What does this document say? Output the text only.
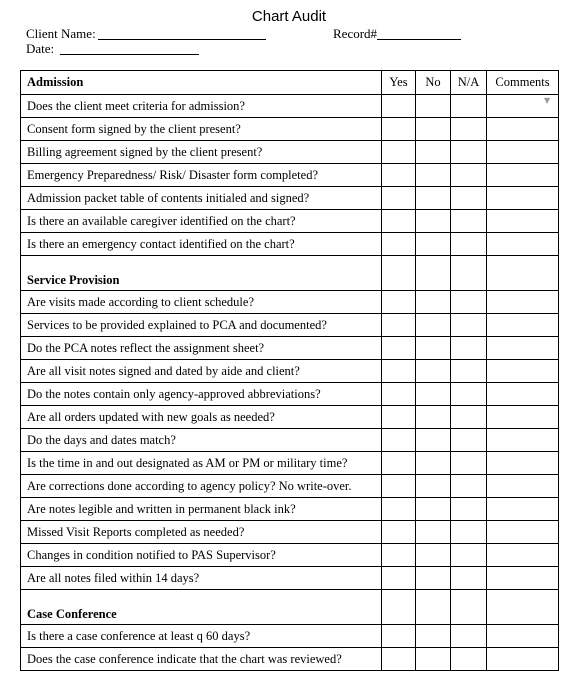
Chart Audit
Client Name:	Record#
Date:
Admission	Yes	No	N/A	Comments
Does the client meet criteria for admission?				
Consent form signed by the client present?				
Billing agreement signed by the client present?				
Emergency Preparedness/ Risk/ Disaster form completed?				
Admission packet table of contents initialed and signed?				
Is there an available caregiver identified on the chart?				
Is there an emergency contact identified on the chart?				

Service Provision				
Are visits made according to client schedule?				
Services to be provided explained to PCA and documented?				
Do the PCA notes reflect the assignment sheet?				
Are all visit notes signed and dated by aide and client?				
Do the notes contain only agency-approved abbreviations?				
Are all orders updated with new goals as needed?				
Do the days and dates match?				
Is the time in and out designated as AM or PM or military time?				
Are corrections done according to agency policy? No write-over.				
Are notes legible and written in permanent black ink?				
Missed Visit Reports completed as needed?				
Changes in condition notified to PAS Supervisor?				
Are all notes filed within 14 days?				

Case Conference				
Is there a case conference at least q 60 days?				
Does the case conference indicate that the chart was reviewed?				
▼
